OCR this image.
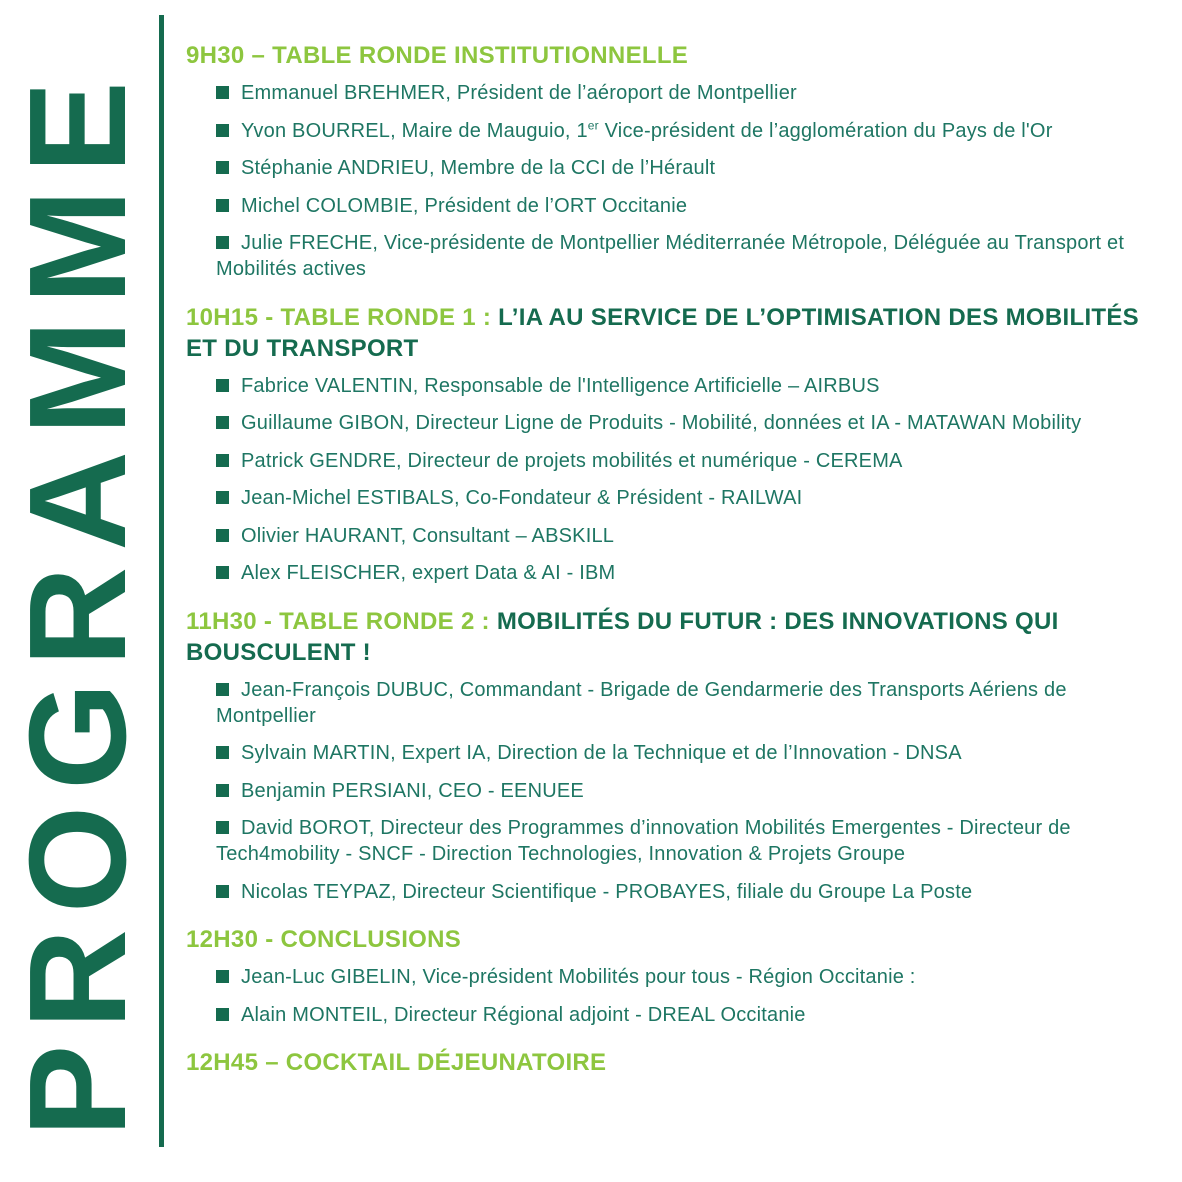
PROGRAMME
9H30 – TABLE RONDE INSTITUTIONNELLE
Emmanuel BREHMER, Président de l’aéroport de Montpellier
Yvon BOURREL, Maire de Mauguio, 1er Vice-président de l’agglomération du Pays de l'Or
Stéphanie ANDRIEU, Membre de la CCI de l’Hérault
Michel COLOMBIE, Président de l’ORT Occitanie
Julie FRECHE, Vice-présidente de Montpellier Méditerranée Métropole, Déléguée au Transport et Mobilités actives
10H15 - TABLE RONDE 1 : L’IA AU SERVICE DE L’OPTIMISATION DES MOBILITÉS ET DU TRANSPORT
Fabrice VALENTIN, Responsable de l'Intelligence Artificielle – AIRBUS
Guillaume GIBON, Directeur Ligne de Produits - Mobilité, données et IA - MATAWAN Mobility
Patrick GENDRE, Directeur de projets mobilités et numérique - CEREMA
Jean-Michel ESTIBALS, Co-Fondateur & Président - RAILWAI
Olivier HAURANT, Consultant – ABSKILL
Alex FLEISCHER, expert Data & AI - IBM
11H30 - TABLE RONDE 2 : MOBILITÉS DU FUTUR : DES INNOVATIONS QUI BOUSCULENT !
Jean-François DUBUC, Commandant - Brigade de Gendarmerie des Transports Aériens de Montpellier
Sylvain MARTIN, Expert IA, Direction de la Technique et de l’Innovation - DNSA
Benjamin PERSIANI, CEO - EENUEE
David BOROT, Directeur des Programmes d’innovation Mobilités Emergentes - Directeur de Tech4mobility - SNCF - Direction Technologies, Innovation & Projets Groupe
Nicolas TEYPAZ, Directeur Scientifique - PROBAYES, filiale du Groupe La Poste
12H30 - CONCLUSIONS
Jean-Luc GIBELIN, Vice-président Mobilités pour tous - Région Occitanie :
Alain MONTEIL, Directeur Régional adjoint - DREAL Occitanie
12H45 – COCKTAIL DÉJEUNATOIRE
